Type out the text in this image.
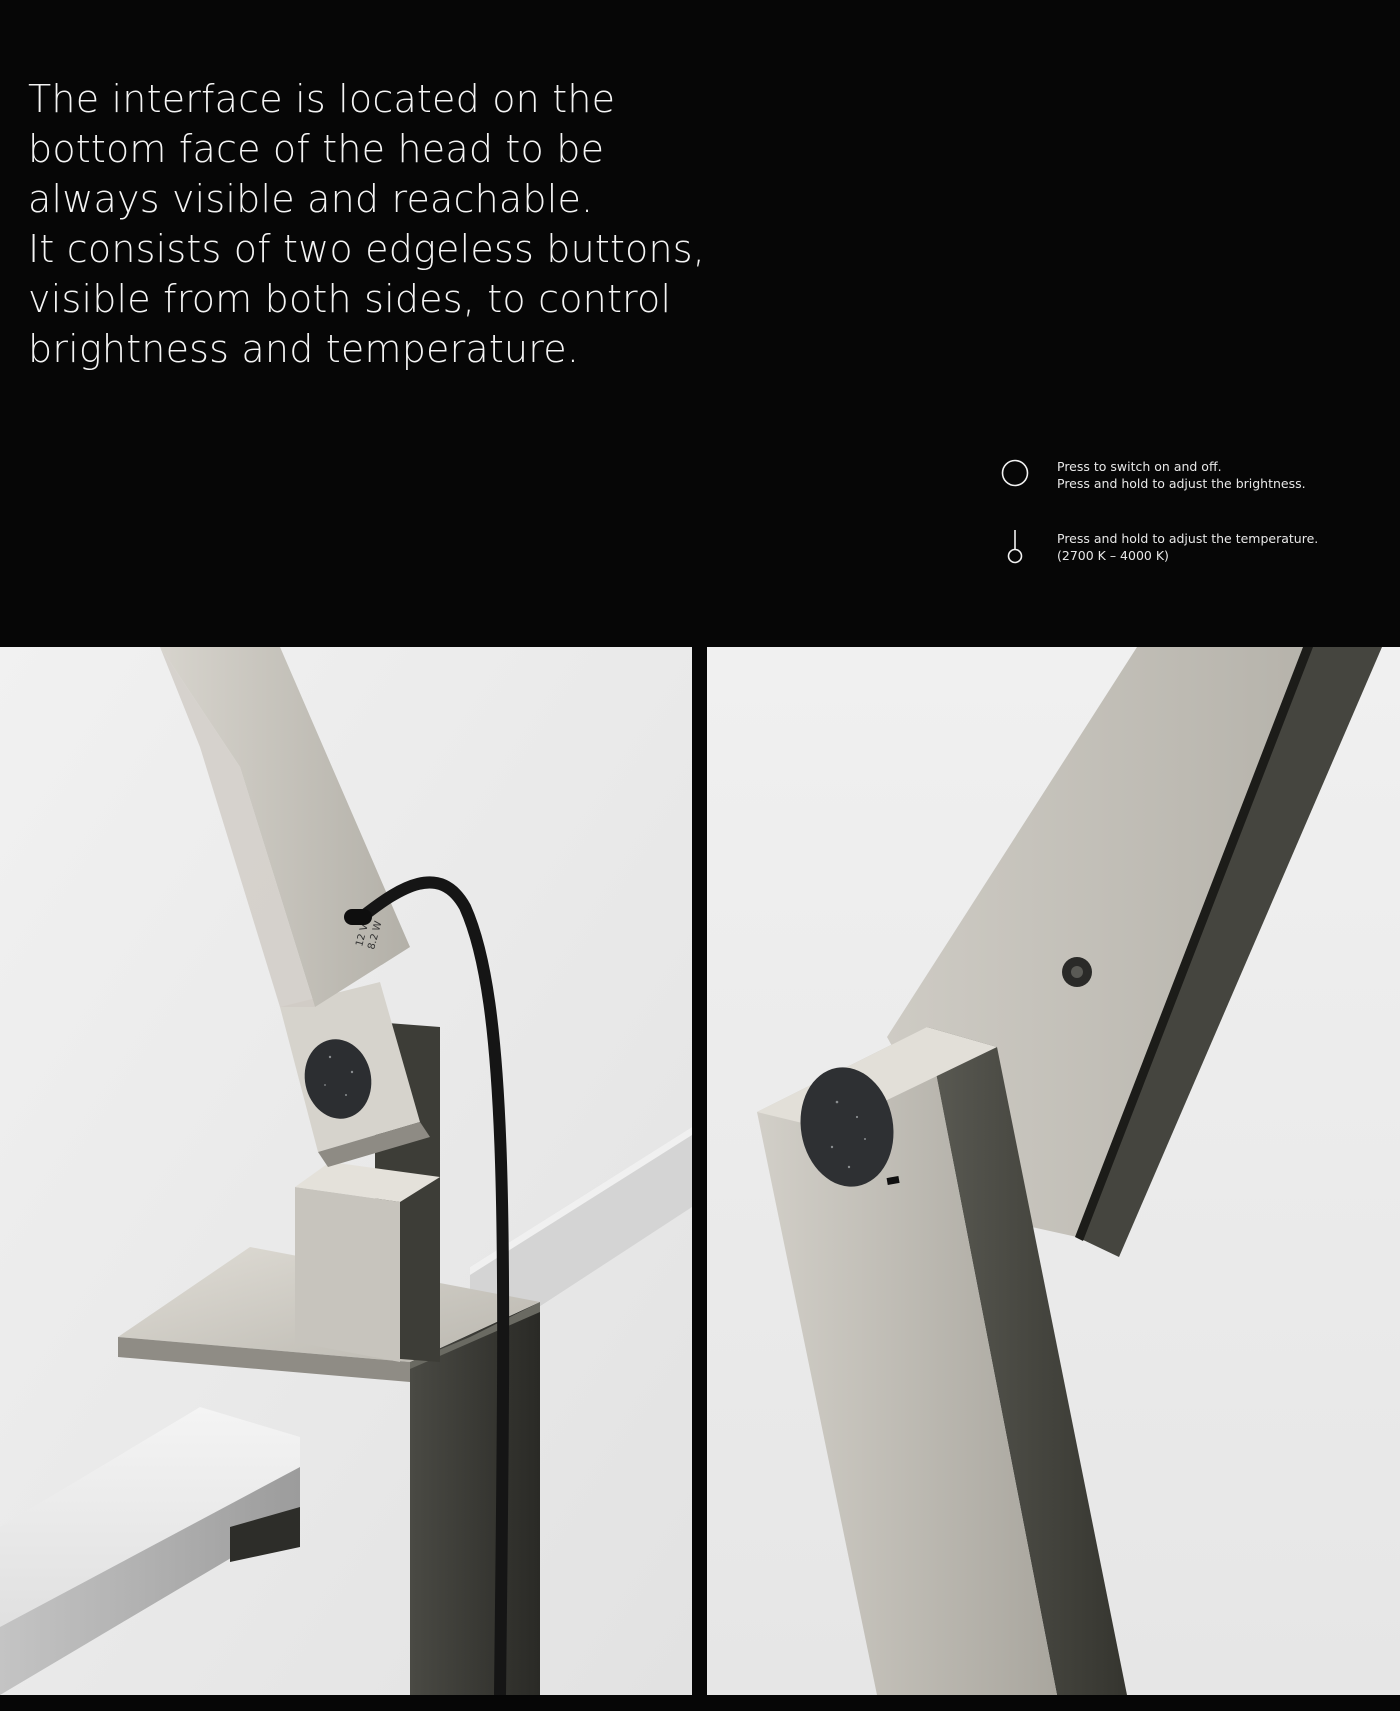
The interface is located on the
bottom face of the head to be
always visible and reachable.
It consists of two edgeless buttons,
visible from both sides, to control
brightness and temperature.
Press to switch on and off.
Press and hold to adjust the brightness.
Press and hold to adjust the temperature.
(2700 K – 4000 K)
12 V
8.2 W
